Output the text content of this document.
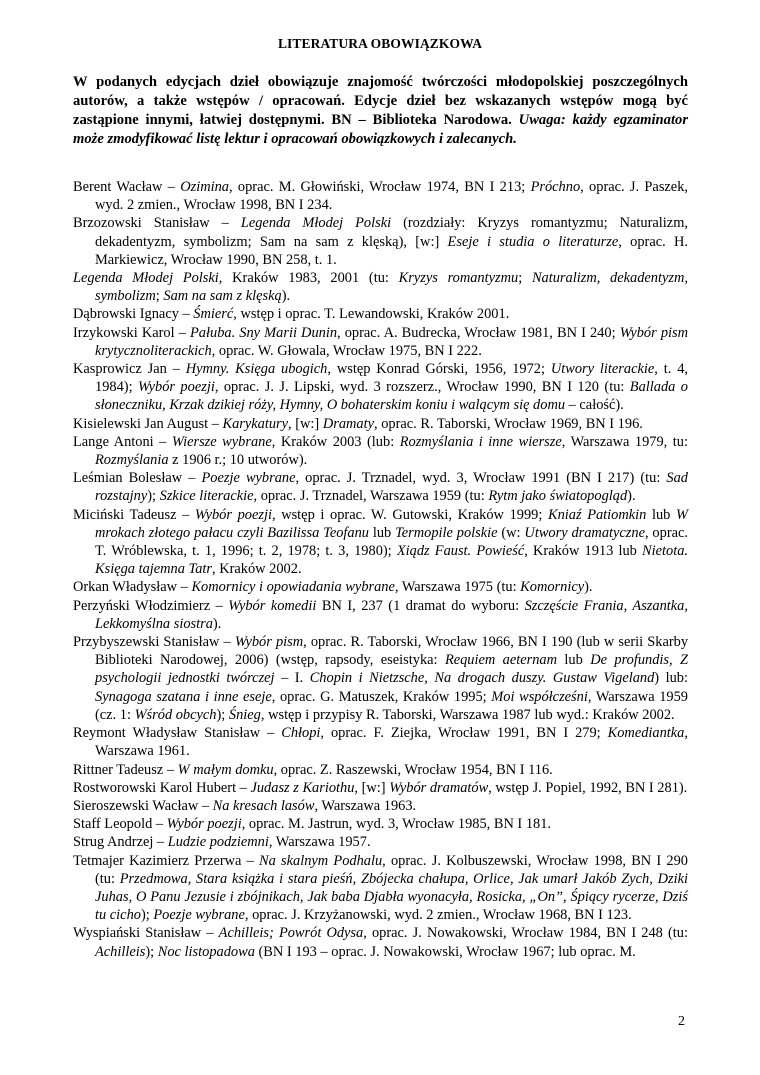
LITERATURA OBOWIĄZKOWA
W podanych edycjach dzieł obowiązuje znajomość twórczości młodopolskiej poszczególnych autorów, a także wstępów / opracowań. Edycje dzieł bez wskazanych wstępów mogą być zastąpione innymi, łatwiej dostępnymi. BN – Biblioteka Narodowa. Uwaga: każdy egzaminator może zmodyfikować listę lektur i opracowań obowiązkowych i zalecanych.
Berent Wacław – Ozimina, oprac. M. Głowiński, Wrocław 1974, BN I 213; Próchno, oprac. J. Paszek, wyd. 2 zmien., Wrocław 1998, BN I 234.
Brzozowski Stanisław – Legenda Młodej Polski (rozdziały: Kryzys romantyzmu; Naturalizm, dekadentyzm, symbolizm; Sam na sam z klęską), [w:] Eseje i studia o literaturze, oprac. H. Markiewicz, Wrocław 1990, BN 258, t. 1.
Legenda Młodej Polski, Kraków 1983, 2001 (tu: Kryzys romantyzmu; Naturalizm, dekadentyzm, symbolizm; Sam na sam z klęską).
Dąbrowski Ignacy – Śmierć, wstęp i oprac. T. Lewandowski, Kraków 2001.
Irzykowski Karol – Pałuba. Sny Marii Dunin, oprac. A. Budrecka, Wrocław 1981, BN I 240; Wybór pism krytycznoliterackich, oprac. W. Głowala, Wrocław 1975, BN I 222.
Kasprowicz Jan – Hymny. Księga ubogich, wstęp Konrad Górski, 1956, 1972; Utwory literackie, t. 4, 1984); Wybór poezji, oprac. J. J. Lipski, wyd. 3 rozszerz., Wrocław 1990, BN I 120 (tu: Ballada o słoneczniku, Krzak dzikiej róży, Hymny, O bohaterskim koniu i walącym się domu – całość).
Kisielewski Jan August – Karykatury, [w:] Dramaty, oprac. R. Taborski, Wrocław 1969, BN I 196.
Lange Antoni – Wiersze wybrane, Kraków 2003 (lub: Rozmyślania i inne wiersze, Warszawa 1979, tu: Rozmyślania z 1906 r.; 10 utworów).
Leśmian Bolesław – Poezje wybrane, oprac. J. Trznadel, wyd. 3, Wrocław 1991 (BN I 217) (tu: Sad rozstajny); Szkice literackie, oprac. J. Trznadel, Warszawa 1959 (tu: Rytm jako światopogląd).
Miciński Tadeusz – Wybór poezji, wstęp i oprac. W. Gutowski, Kraków 1999; Kniaź Patiomkin lub W mrokach złotego pałacu czyli Bazilissa Teofanu lub Termopile polskie (w: Utwory dramatyczne, oprac. T. Wróblewska, t. 1, 1996; t. 2, 1978; t. 3, 1980); Xiądz Faust. Powieść, Kraków 1913 lub Nietota. Księga tajemna Tatr, Kraków 2002.
Orkan Władysław – Komornicy i opowiadania wybrane, Warszawa 1975 (tu: Komornicy).
Perzyński Włodzimierz – Wybór komedii BN I, 237 (1 dramat do wyboru: Szczęście Frania, Aszantka, Lekkomyślna siostra).
Przybyszewski Stanisław – Wybór pism, oprac. R. Taborski, Wrocław 1966, BN I 190 (lub w serii Skarby Biblioteki Narodowej, 2006) (wstęp, rapsody, eseistyka: Requiem aeternam lub De profundis, Z psychologii jednostki twórczej – I. Chopin i Nietzsche, Na drogach duszy. Gustaw Vigeland) lub: Synagoga szatana i inne eseje, oprac. G. Matuszek, Kraków 1995; Moi współcześni, Warszawa 1959 (cz. 1: Wśród obcych); Śnieg, wstęp i przypisy R. Taborski, Warszawa 1987 lub wyd.: Kraków 2002.
Reymont Władysław Stanisław – Chłopi, oprac. F. Ziejka, Wrocław 1991, BN I 279; Komediantka, Warszawa 1961.
Rittner Tadeusz – W małym domku, oprac. Z. Raszewski, Wrocław 1954, BN I 116.
Rostworowski Karol Hubert – Judasz z Kariothu, [w:] Wybór dramatów, wstęp J. Popiel, 1992, BN I 281).
Sieroszewski Wacław – Na kresach lasów, Warszawa 1963.
Staff Leopold – Wybór poezji, oprac. M. Jastrun, wyd. 3, Wrocław 1985, BN I 181.
Strug Andrzej – Ludzie podziemni, Warszawa 1957.
Tetmajer Kazimierz Przerwa – Na skalnym Podhalu, oprac. J. Kolbuszewski, Wrocław 1998, BN I 290 (tu: Przedmowa, Stara książka i stara pieśń, Zbójecka chałupa, Orlice, Jak umarł Jakób Zych, Dziki Juhas, O Panu Jezusie i zbójnikach, Jak baba Djabła wyonacyła, Rosicka, „On”, Śpiący rycerze, Dziś tu cicho); Poezje wybrane, oprac. J. Krzyżanowski, wyd. 2 zmien., Wrocław 1968, BN I 123.
Wyspiański Stanisław – Achilleis; Powrót Odysa, oprac. J. Nowakowski, Wrocław 1984, BN I 248 (tu: Achilleis); Noc listopadowa (BN I 193 – oprac. J. Nowakowski, Wrocław 1967; lub oprac. M.
2
